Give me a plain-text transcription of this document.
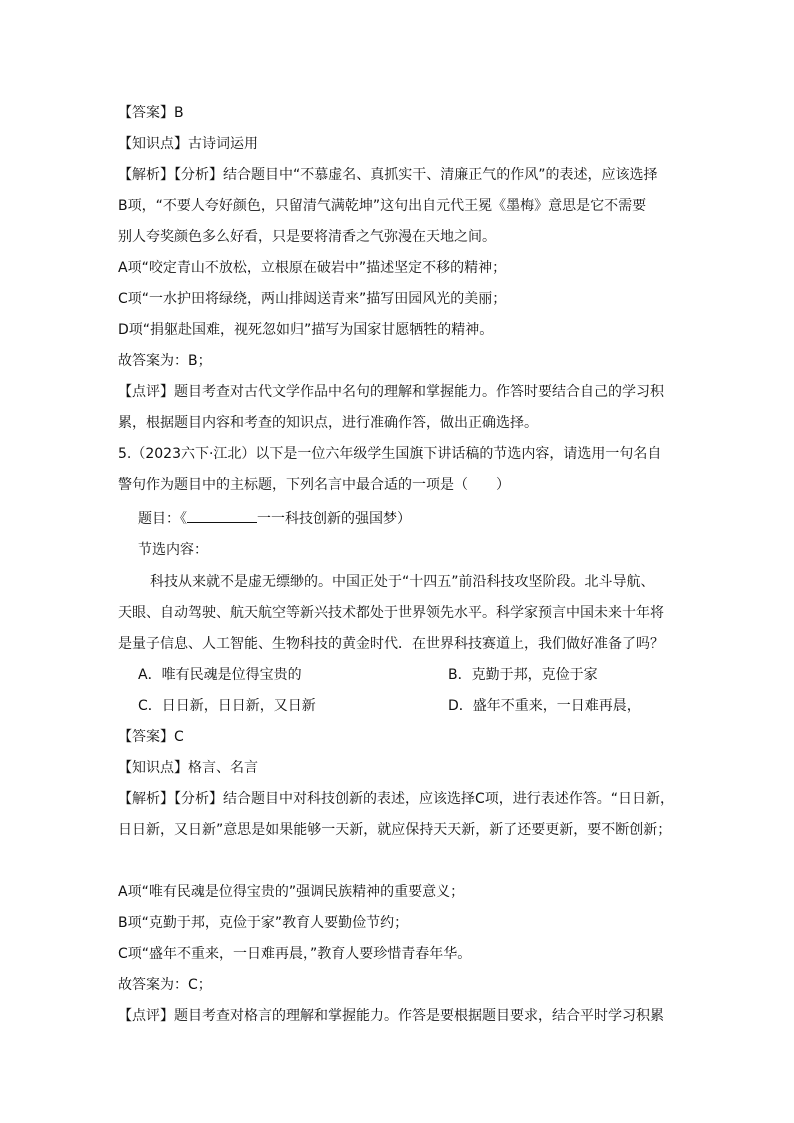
【答案】B
【知识点】古诗词运用
【解析】【分析】结合题目中“不慕虚名、真抓实干、清廉正气的作风”的表述，应该选择
B项，“不要人夸好颜色，只留清气满乾坤”这句出自元代王冕《墨梅》意思是它不需要
别人夸奖颜色多么好看，只是要将清香之气弥漫在天地之间。
A项“咬定青山不放松，立根原在破岩中”描述坚定不移的精神；
C项“一水护田将绿绕，两山排闼送青来”描写田园风光的美丽；
D项“捐躯赴国难，视死忽如归”描写为国家甘愿牺牲的精神。
故答案为：B；
【点评】题目考查对古代文学作品中名句的理解和掌握能力。作答时要结合自己的学习积
累，根据题目内容和考查的知识点，进行准确作答，做出正确选择。
5.（2023六下·江北）以下是一位六年级学生国旗下讲话稿的节选内容，请选用一句名自
警句作为题目中的主标题，下列名言中最合适的一项是（　　）
题目：《	一一科技创新的强国梦）
节选内容：
科技从来就不是虚无缥缈的。中国正处于“十四五”前沿科技攻坚阶段。北斗导航、
天眼、自动驾驶、航天航空等新兴技术都处于世界领先水平。科学家预言中国未来十年将
是量子信息、人工智能、生物科技的黄金时代．在世界科技赛道上，我们做好准备了吗？
A．唯有民魂是位得宝贵的	B．克勤于邦，克俭于家
C．日日新，日日新，又日新	D．盛年不重来，一日难再晨，
【答案】C
【知识点】格言、名言
【解析】【分析】结合题目中对科技创新的表述，应该选择C项，进行表述作答。“日日新，
日日新，又日新”意思是如果能够一天新，就应保持天天新，新了还要更新，要不断创新；
A项“唯有民魂是位得宝贵的”强调民族精神的重要意义；
B项“克勤于邦，克俭于家”教育人要勤俭节约；
C项“盛年不重来，一日难再晨，”教育人要珍惜青春年华。
故答案为：C；
【点评】题目考查对格言的理解和掌握能力。作答是要根据题目要求，结合平时学习积累
